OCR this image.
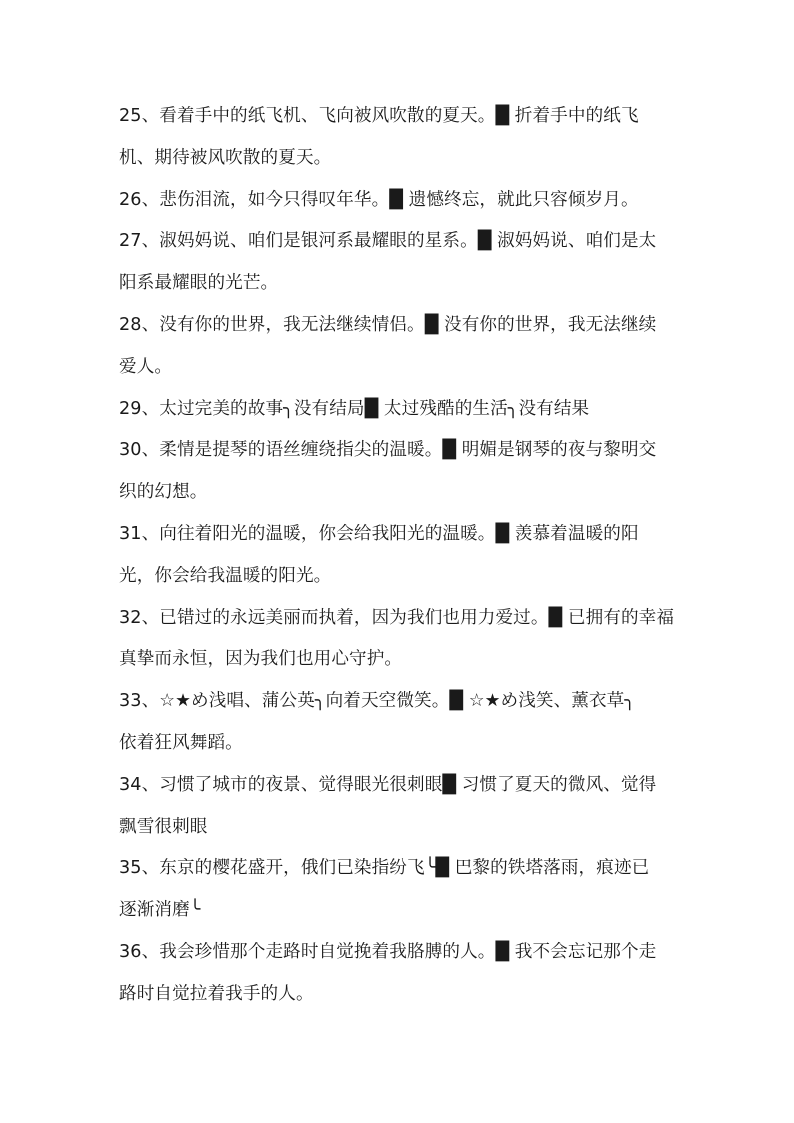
25、看着手中的纸飞机、飞向被风吹散的夏天。█ 折着手中的纸飞
机、期待被风吹散的夏天。
26、悲伤泪流，如今只得叹年华。█ 遗憾终忘，就此只容倾岁月。
27、淑妈妈说、咱们是银河系最耀眼的星系。█ 淑妈妈说、咱们是太
阳系最耀眼的光芒。
28、没有你的世界，我无法继续情侣。█ 没有你的世界，我无法继续
爱人。
29、太过完美的故事╮没有结局█ 太过残酷的生活╮没有结果
30、柔情是提琴的语丝缠绕指尖的温暖。█ 明媚是钢琴的夜与黎明交
织的幻想。
31、向往着阳光的温暖，你会给我阳光的温暖。█ 羡慕着温暖的阳
光，你会给我温暖的阳光。
32、已错过的永远美丽而执着，因为我们也用力爱过。█ 已拥有的幸福
真挚而永恒，因为我们也用心守护。
33、☆★め浅唱、蒲公英╮向着天空微笑。█ ☆★め浅笑、薰衣草╮
依着狂风舞蹈。
34、习惯了城市的夜景、觉得眼光很刺眼█ 习惯了夏天的微风、觉得
飘雪很刺眼
35、东京的樱花盛开，俄们已染指纷飞╰█ 巴黎的铁塔落雨，痕迹已
逐渐消磨╰
36、我会珍惜那个走路时自觉挽着我胳膊的人。█ 我不会忘记那个走
路时自觉拉着我手的人。
